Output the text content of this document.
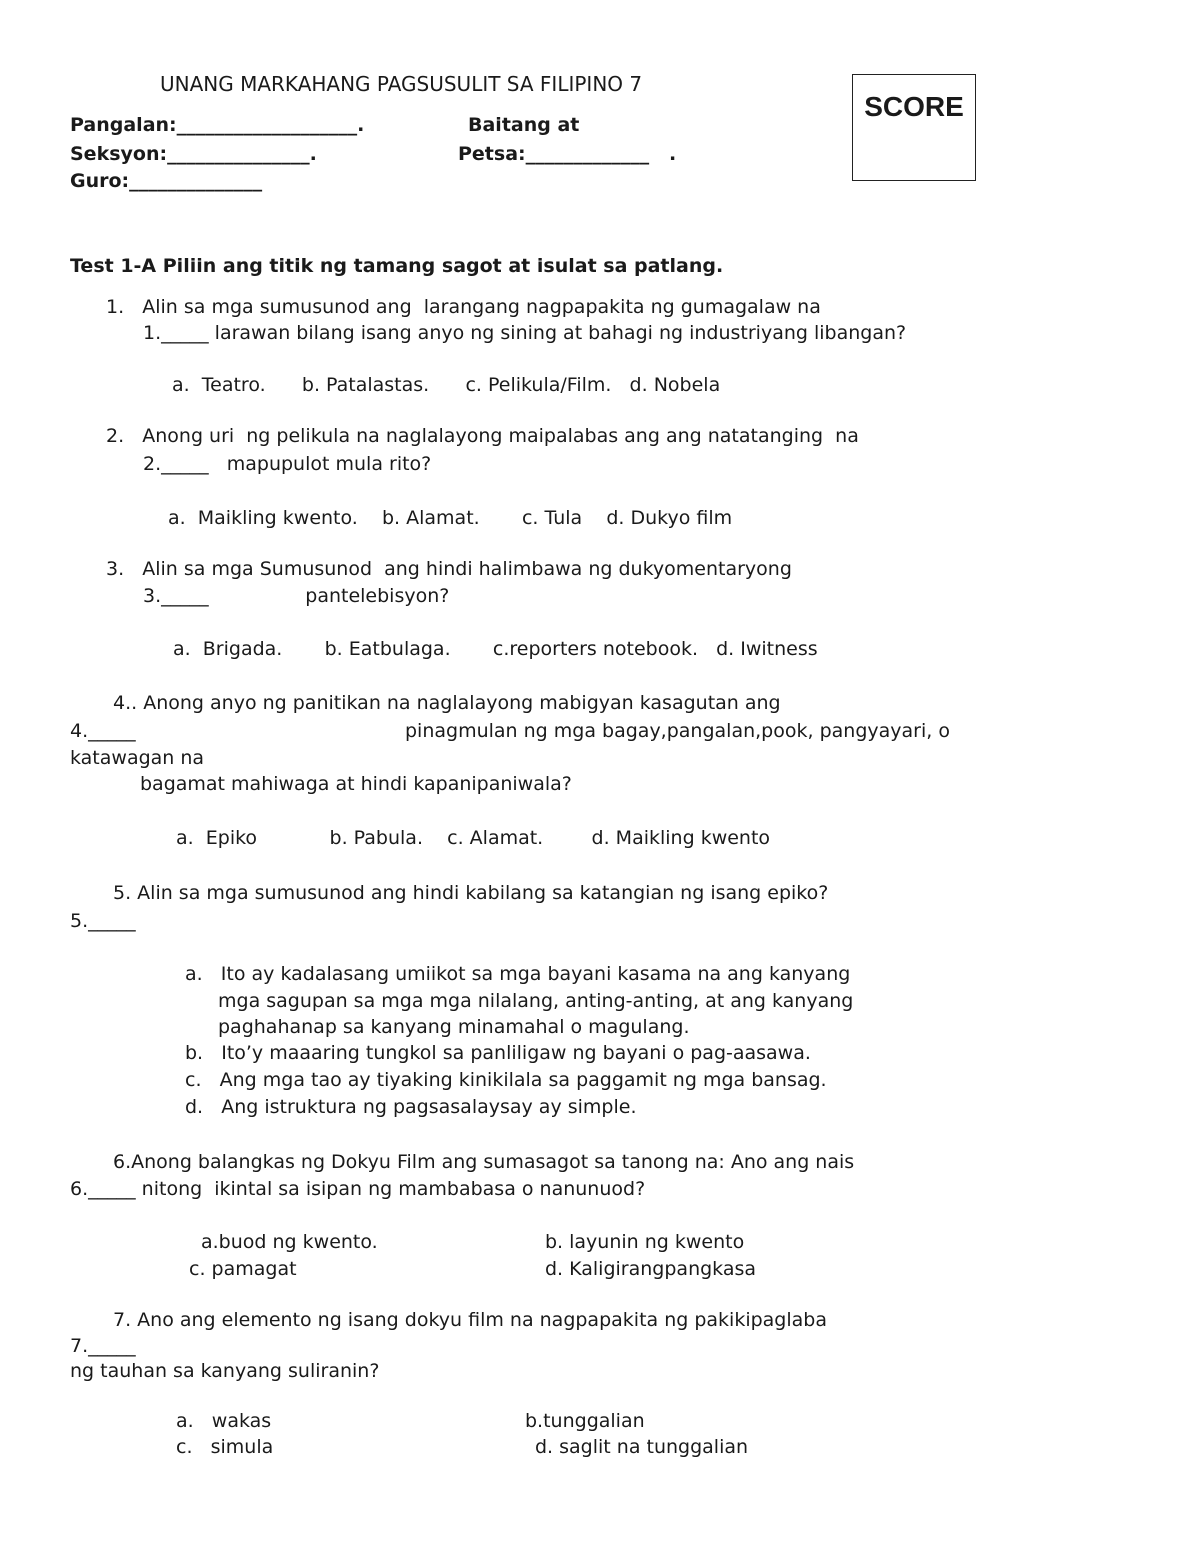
UNANG MARKAHANG PAGSUSULIT SA FILIPINO 7
Pangalan:___________________.	Baitang at
Seksyon:_______________.	Petsa:_____________   .
Guro:______________
SCORE
Test 1-A Piliin ang titik ng tamang sagot at isulat sa patlang.
1.   Alin sa mga sumusunod ang  larangang nagpapakita ng gumagalaw na
1._____ larawan bilang isang anyo ng sining at bahagi ng industriyang libangan?
a.  Teatro.      b. Patalastas.      c. Pelikula/Film.   d. Nobela
2.   Anong uri  ng pelikula na naglalayong maipalabas ang ang natatanging  na
2._____   mapupulot mula rito?
a.  Maikling kwento.    b. Alamat.       c. Tula    d. Dukyo film
3.   Alin sa mga Sumusunod  ang hindi halimbawa ng dukyomentaryong
3._____                pantelebisyon?
a.  Brigada.       b. Eatbulaga.       c.reporters notebook.   d. Iwitness
4.. Anong anyo ng panitikan na naglalayong mabigyan kasagutan ang
4._____	pinagmulan ng mga bagay,pangalan,pook, pangyayari, o
katawagan na
bagamat mahiwaga at hindi kapanipaniwala?
a.  Epiko            b. Pabula.    c. Alamat.        d. Maikling kwento
5. Alin sa mga sumusunod ang hindi kabilang sa katangian ng isang epiko?
5._____
a.   Ito ay kadalasang umiikot sa mga bayani kasama na ang kanyang
mga sagupan sa mga mga nilalang, anting-anting, at ang kanyang
paghahanap sa kanyang minamahal o magulang.
b.   Ito’y maaaring tungkol sa panliligaw ng bayani o pag-aasawa.
c.   Ang mga tao ay tiyaking kinikilala sa paggamit ng mga bansag.
d.   Ang istruktura ng pagsasalaysay ay simple.
6.Anong balangkas ng Dokyu Film ang sumasagot sa tanong na: Ano ang nais
6._____ nitong  ikintal sa isipan ng mambabasa o nanunuod?
a.buod ng kwento.	b. layunin ng kwento
c. pamagat	d. Kaligirangpangkasa
7. Ano ang elemento ng isang dokyu film na nagpapakita ng pakikipaglaba
7._____
ng tauhan sa kanyang suliranin?
a.   wakas	b.tunggalian
c.   simula	d. saglit na tunggalian
